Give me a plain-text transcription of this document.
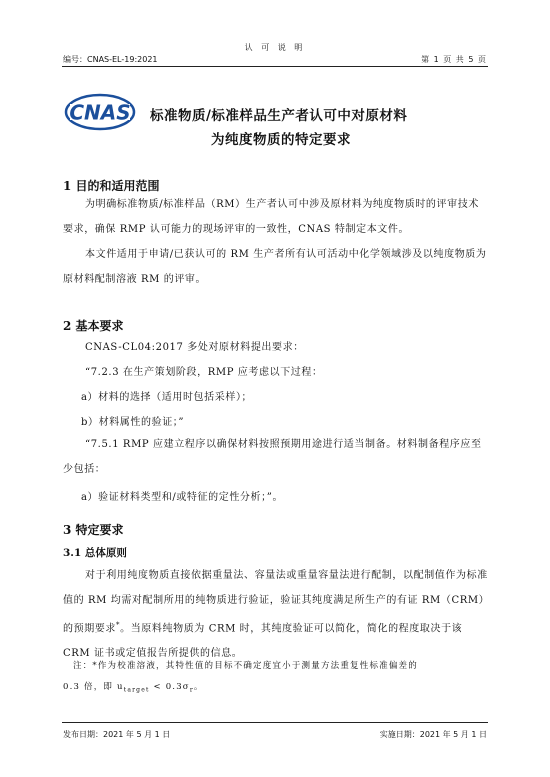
认 可 说 明
编号：CNAS-EL-19:2021	第 1 页 共 5 页
CNAS 标准物质/标准样品生产者认可中对原材料
为纯度物质的特定要求
1 目的和适用范围
为明确标准物质/标准样品（RM）生产者认可中涉及原材料为纯度物质时的评审技术要求，确保 RMP 认可能力的现场评审的一致性，CNAS 特制定本文件。
本文件适用于申请/已获认可的 RM 生产者所有认可活动中化学领域涉及以纯度物质为原材料配制溶液 RM 的评审。
2 基本要求
CNAS-CL04:2017 多处对原材料提出要求：
“7.2.3 在生产策划阶段，RMP 应考虑以下过程：
a）材料的选择（适用时包括采样）；
b）材料属性的验证；”
“7.5.1 RMP 应建立程序以确保材料按照预期用途进行适当制备。材料制备程序应至少包括：
a）验证材料类型和/或特征的定性分析；”。
3 特定要求
3.1 总体原则
对于利用纯度物质直接依据重量法、容量法或重量容量法进行配制，以配制值作为标准值的 RM 均需对配制所用的纯物质进行验证，验证其纯度满足所生产的有证 RM（CRM）的预期要求*。当原料纯物质为 CRM 时，其纯度验证可以简化，简化的程度取决于该 CRM 证书或定值报告所提供的信息。
注：*作为校准溶液，其特性值的目标不确定度宜小于测量方法重复性标准偏差的
0.3 倍，即 $u_{target} < 0.3\sigma_r$。
发布日期：2021 年 5 月 1 日	实施日期：2021 年 5 月 1 日
